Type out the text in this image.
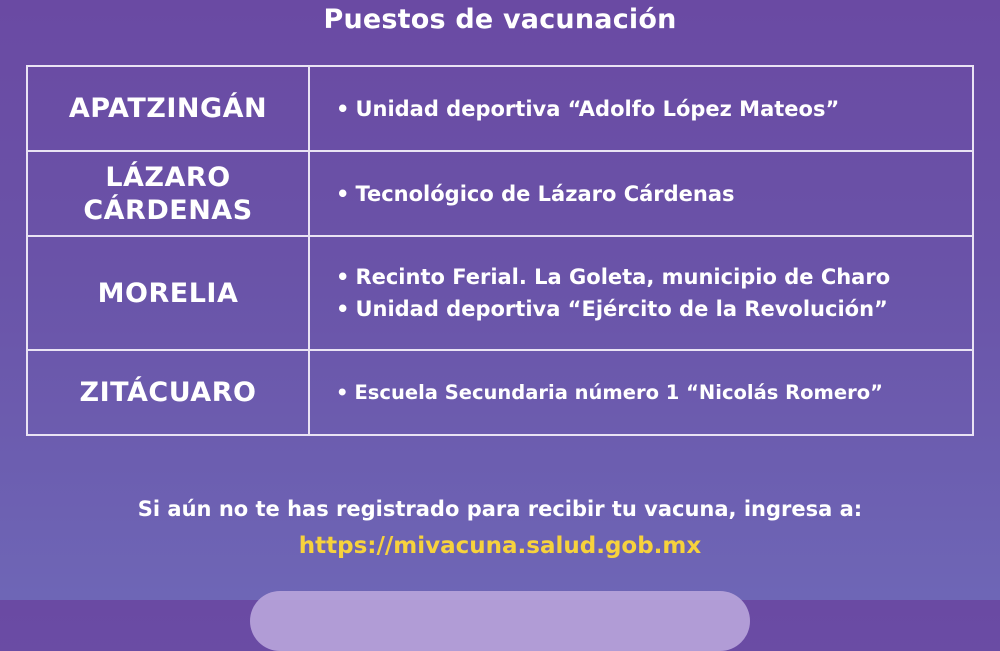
Puestos de vacunación
APATZINGÁN	• Unidad deportiva “Adolfo López Mateos”

LÁZARO
CÁRDENAS	• Tecnológico de Lázaro Cárdenas

MORELIA	• Recinto Ferial. La Goleta, municipio de Charo
• Unidad deportiva “Ejército de la Revolución”

ZITÁCUARO	• Escuela Secundaria número 1 “Nicolás Romero”
Si aún no te has registrado para recibir tu vacuna, ingresa a:
https://mivacuna.salud.gob.mx
